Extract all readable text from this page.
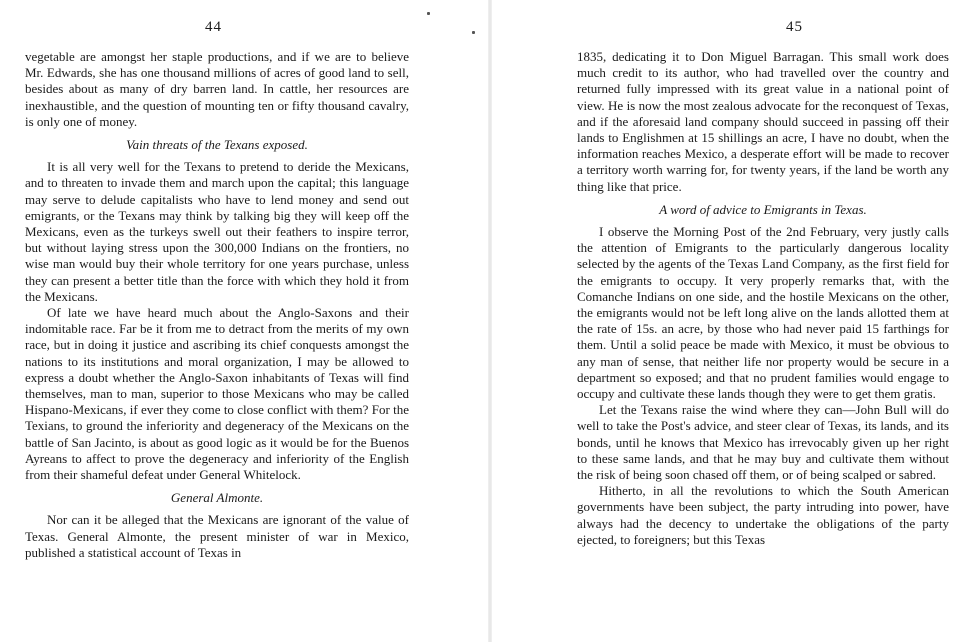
44

vegetable are amongst her staple productions, and if we are to believe Mr. Edwards, she has one thousand millions of acres of good land to sell, besides about as many of dry barren land. In cattle, her resources are inexhaustible, and the question of mounting ten or fifty thousand cavalry, is only one of money.

Vain threats of the Texans exposed.

It is all very well for the Texans to pretend to deride the Mexicans, and to threaten to invade them and march upon the capital; this language may serve to delude capitalists who have to lend money and send out emigrants, or the Texans may think by talking big they will keep off the Mexicans, even as the turkeys swell out their feathers to inspire terror, but without laying stress upon the 300,000 Indians on the frontiers, no wise man would buy their whole territory for one years purchase, unless they can present a better title than the force with which they hold it from the Mexicans.

Of late we have heard much about the Anglo-Saxons and their indomitable race. Far be it from me to detract from the merits of my own race, but in doing it justice and ascribing its chief conquests amongst the nations to its institutions and moral organization, I may be allowed to express a doubt whether the Anglo-Saxon inhabitants of Texas will find themselves, man to man, superior to those Mexicans who may be called Hispano-Mexicans, if ever they come to close conflict with them? For the Texians, to ground the inferiority and degeneracy of the Mexicans on the battle of San Jacinto, is about as good logic as it would be for the Buenos Ayreans to affect to prove the degeneracy and inferiority of the English from their shameful defeat under General Whitelock.

General Almonte.

Nor can it be alleged that the Mexicans are ignorant of the value of Texas. General Almonte, the present minister of war in Mexico, published a statistical account of Texas in

45

1835, dedicating it to Don Miguel Barragan. This small work does much credit to its author, who had travelled over the country and returned fully impressed with its great value in a national point of view. He is now the most zealous advocate for the reconquest of Texas, and if the aforesaid land company should succeed in passing off their lands to Englishmen at 15 shillings an acre, I have no doubt, when the information reaches Mexico, a desperate effort will be made to recover a territory worth warring for, for twenty years, if the land be worth any thing like that price.

A word of advice to Emigrants in Texas.

I observe the Morning Post of the 2nd February, very justly calls the attention of Emigrants to the particularly dangerous locality selected by the agents of the Texas Land Company, as the first field for the emigrants to occupy. It very properly remarks that, with the Comanche Indians on one side, and the hostile Mexicans on the other, the emigrants would not be left long alive on the lands allotted them at the rate of 15s. an acre, by those who had never paid 15 farthings for them. Until a solid peace be made with Mexico, it must be obvious to any man of sense, that neither life nor property would be secure in a department so exposed; and that no prudent families would engage to occupy and cultivate these lands though they were to get them gratis.

Let the Texans raise the wind where they can—John Bull will do well to take the Post's advice, and steer clear of Texas, its lands, and its bonds, until he knows that Mexico has irrevocably given up her right to these same lands, and that he may buy and cultivate them without the risk of being soon chased off them, or of being scalped or sabred.

Hitherto, in all the revolutions to which the South American governments have been subject, the party intruding into power, have always had the decency to undertake the obligations of the party ejected, to foreigners; but this Texas
